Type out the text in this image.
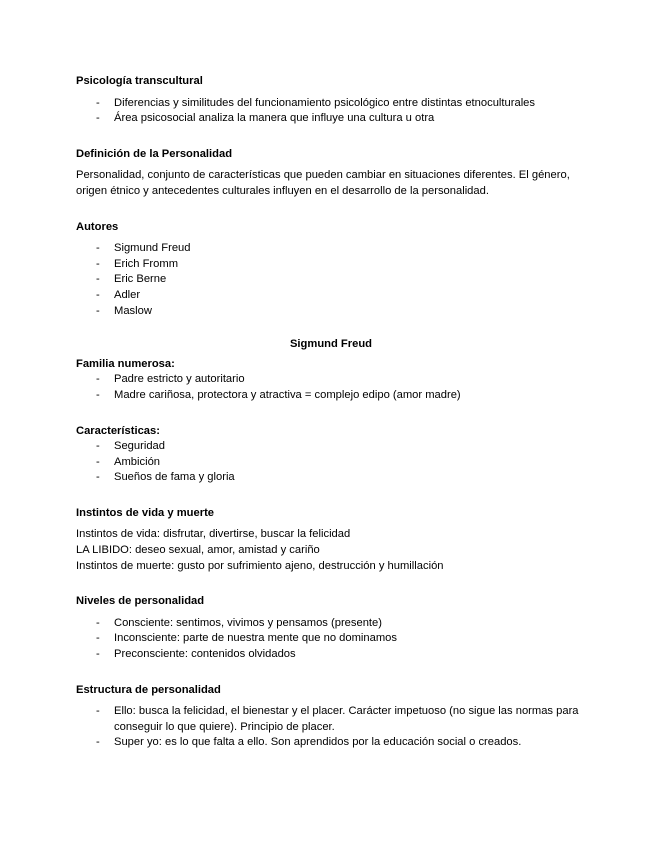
Psicología transcultural
- Diferencias y similitudes del funcionamiento psicológico entre distintas etnoculturales
- Área psicosocial analiza la manera que influye una cultura u otra
Definición de la Personalidad

Personalidad, conjunto de características que pueden cambiar en situaciones diferentes. El género, origen étnico y antecedentes culturales influyen en el desarrollo de la personalidad.

Autores
- Sigmund Freud
- Erich Fromm
- Eric Berne
- Adler
- Maslow
Sigmund Freud
Familia numerosa:
- Padre estricto y autoritario
- Madre cariñosa, protectora y atractiva = complejo edipo (amor madre)
Características:
- Seguridad
- Ambición
- Sueños de fama y gloria
Instintos de vida y muerte

Instintos de vida: disfrutar, divertirse, buscar la felicidad

LA LIBIDO: deseo sexual, amor, amistad y cariño

Instintos de muerte: gusto por sufrimiento ajeno, destrucción y humillación

Niveles de personalidad
- Consciente: sentimos, vivimos y pensamos (presente)
- Inconsciente: parte de nuestra mente que no dominamos
- Preconsciente: contenidos olvidados
Estructura de personalidad
- Ello: busca la felicidad, el bienestar y el placer. Carácter impetuoso (no sigue las normas para conseguir lo que quiere). Principio de placer.
- Super yo: es lo que falta a ello. Son aprendidos por la educación social o creados.
